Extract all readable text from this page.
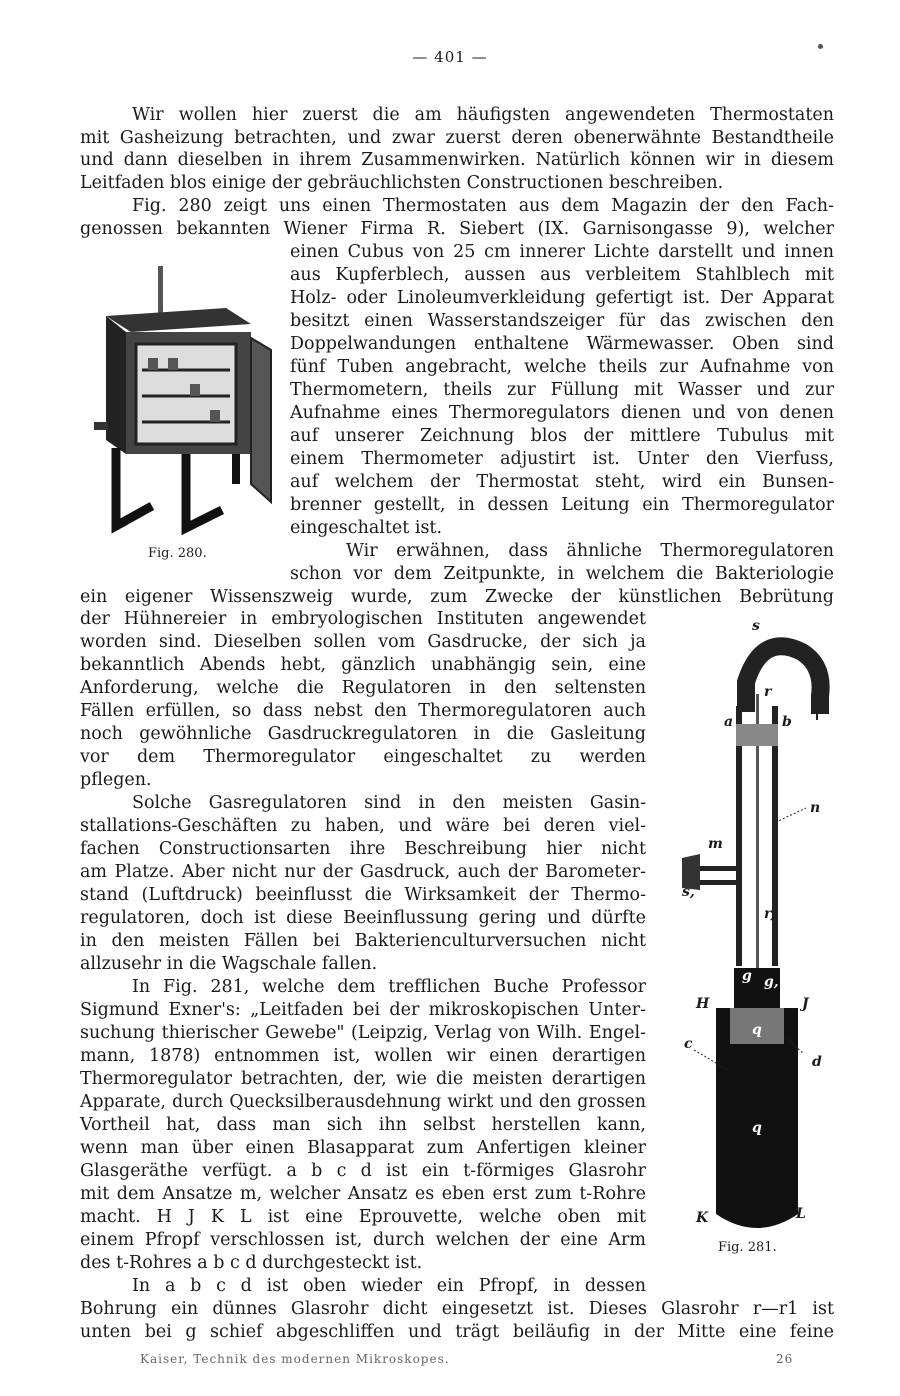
— 401 —
Wir wollen hier zuerst die am häufigsten angewendeten Thermostaten
mit Gasheizung betrachten, und zwar zuerst deren obenerwähnte Bestandtheile
und dann dieselben in ihrem Zusammenwirken. Natürlich können wir in diesem
Leitfaden blos einige der gebräuchlichsten Constructionen beschreiben.
Fig. 280 zeigt uns einen Thermostaten aus dem Magazin der den Fach-
genossen bekannten Wiener Firma R. Siebert (IX. Garnisongasse 9), welcher
einen Cubus von 25 cm innerer Lichte darstellt und innen
aus Kupferblech, aussen aus verbleitem Stahlblech mit
Holz- oder Linoleumverkleidung gefertigt ist. Der Apparat
besitzt einen Wasserstandszeiger für das zwischen den
Doppelwandungen enthaltene Wärmewasser. Oben sind
fünf Tuben angebracht, welche theils zur Aufnahme von
Thermometern, theils zur Füllung mit Wasser und zur
Aufnahme eines Thermoregulators dienen und von denen
auf unserer Zeichnung blos der mittlere Tubulus mit
einem Thermometer adjustirt ist. Unter den Vierfuss,
auf welchem der Thermostat steht, wird ein Bunsen-
brenner gestellt, in dessen Leitung ein Thermoregulator
eingeschaltet ist.
Wir erwähnen, dass ähnliche Thermoregulatoren
schon vor dem Zeitpunkte, in welchem die Bakteriologie
ein eigener Wissenszweig wurde, zum Zwecke der künstlichen Bebrütung
der Hühnereier in embryologischen Instituten angewendet
worden sind. Dieselben sollen vom Gasdrucke, der sich ja
bekanntlich Abends hebt, gänzlich unabhängig sein, eine
Anforderung, welche die Regulatoren in den seltensten
Fällen erfüllen, so dass nebst den Thermoregulatoren auch
noch gewöhnliche Gasdruckregulatoren in die Gasleitung
vor dem Thermoregulator eingeschaltet zu werden
pflegen.
Solche Gasregulatoren sind in den meisten Gasin-
stallations-Geschäften zu haben, und wäre bei deren viel-
fachen Constructionsarten ihre Beschreibung hier nicht
am Platze. Aber nicht nur der Gasdruck, auch der Barometer-
stand (Luftdruck) beeinflusst die Wirksamkeit der Thermo-
regulatoren, doch ist diese Beeinflussung gering und dürfte
in den meisten Fällen bei Bakterienculturversuchen nicht
allzusehr in die Wagschale fallen.
In Fig. 281, welche dem trefflichen Buche Professor
Sigmund Exner's: „Leitfaden bei der mikroskopischen Unter-
suchung thierischer Gewebe" (Leipzig, Verlag von Wilh. Engel-
mann, 1878) entnommen ist, wollen wir einen derartigen
Thermoregulator betrachten, der, wie die meisten derartigen
Apparate, durch Quecksilberausdehnung wirkt und den grossen
Vortheil hat, dass man sich ihn selbst herstellen kann,
wenn man über einen Blasapparat zum Anfertigen kleiner
Glasgeräthe verfügt. a b c d ist ein t-förmiges Glasrohr
mit dem Ansatze m, welcher Ansatz es eben erst zum t-Rohre
macht. H J K L ist eine Eprouvette, welche oben mit
einem Pfropf verschlossen ist, durch welchen der eine Arm
des t-Rohres a b c d durchgesteckt ist.
In a b c d ist oben wieder ein Pfropf, in dessen
Bohrung ein dünnes Glasrohr dicht eingesetzt ist. Dieses Glasrohr r—r1 ist
unten bei g schief abgeschliffen und trägt beiläufig in der Mitte eine feine
Fig. 280.
s
r
a	b
n
m
s,
r,
g g,
H	J
c
d
q
q
K	L
Fig. 281.
Kaiser, Technik des modernen Mikroskopes.	26
